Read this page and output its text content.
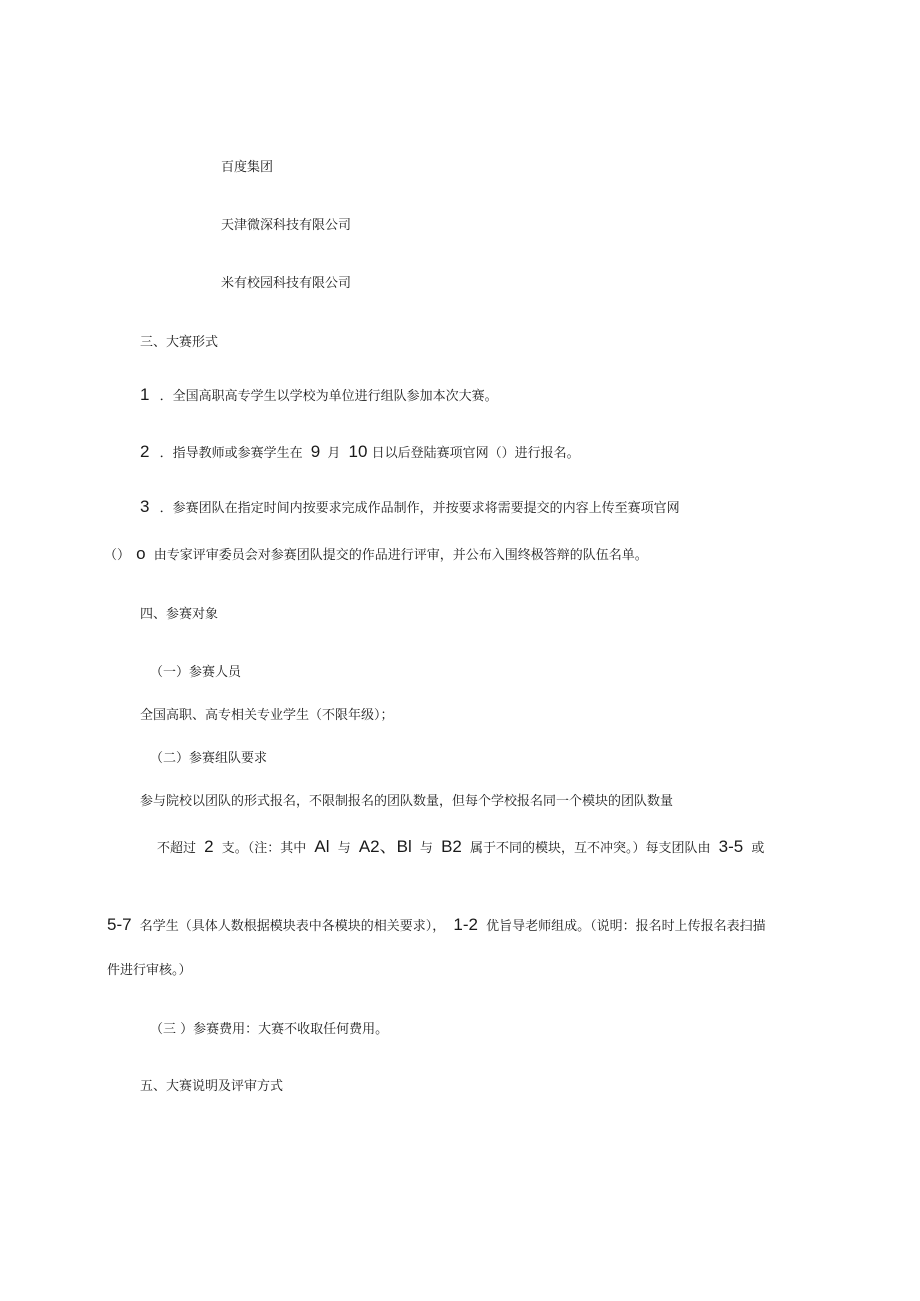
百度集团
天津微深科技有限公司
米有校园科技有限公司
三、大赛形式
1 ．全国高职高专学生以学校为单位进行组队参加本次大赛。
2 ．指导教师或参赛学生在 9 月 10 日以后登陆赛项官网（）进行报名。
3 ．参赛团队在指定时间内按要求完成作品制作，并按要求将需要提交的内容上传至赛项官网
（） o 由专家评审委员会对参赛团队提交的作品进行评审，并公布入围终极答辩的队伍名单。
四、参赛对象
（一）参赛人员
全国高职、高专相关专业学生（不限年级）；
（二）参赛组队要求
参与院校以团队的形式报名，不限制报名的团队数量，但每个学校报名同一个模块的团队数量
不超过 2 支。（注：其中 Al 与 A2、Bl 与 B2 属于不同的模块，互不冲突。）每支团队由 3-5 或
5-7 名学生（具体人数根据模块表中各模块的相关要求）， 1-2 优旨导老师组成。（说明：报名时上传报名表扫描
件进行审核。）
（三 ）参赛费用：大赛不收取任何费用。
五、大赛说明及评审方式
